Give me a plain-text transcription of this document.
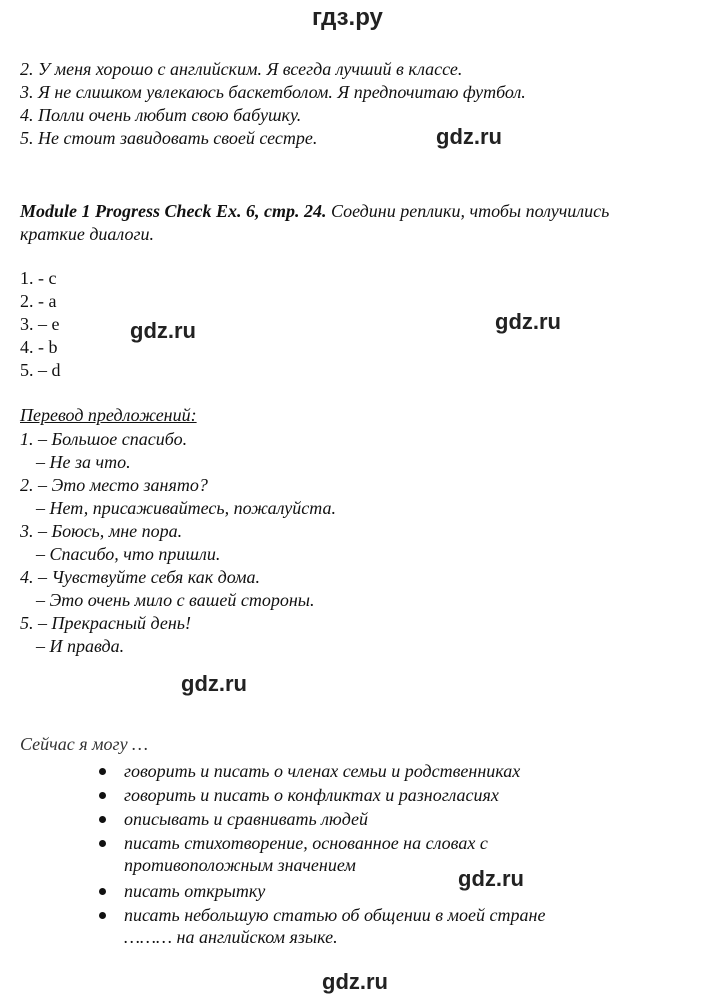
гдз.ру
2. У меня хорошо с английским. Я всегда лучший в классе.
3. Я не слишком увлекаюсь баскетболом. Я предпочитаю футбол.
4. Полли очень любит свою бабушку.
5. Не стоит завидовать своей сестре.	gdz.ru
Module 1 Progress Check Ex. 6, стр. 24. Соедини реплики, чтобы получились
краткие диалоги.
1. - c
2. - a
3. – e
4. - b
5. – d
gdz.ru	gdz.ru
Перевод предложений:
1. – Большое спасибо.
– Не за что.
2. – Это место занято?
– Нет, присаживайтесь, пожалуйста.
3. – Боюсь, мне пора.
– Спасибо, что пришли.
4. – Чувствуйте себя как дома.
– Это очень мило с вашей стороны.
5. – Прекрасный день!
– И правда.
gdz.ru
Сейчас я могу …
говорить и писать о членах семьи и родственниках
говорить и писать о конфликтах и разногласиях
описывать и сравнивать людей
писать стихотворение, основанное на словах с
противоположным значением
писать открытку
писать небольшую статью об общении в моей стране
……… на английском языке.
gdz.ru
gdz.ru
